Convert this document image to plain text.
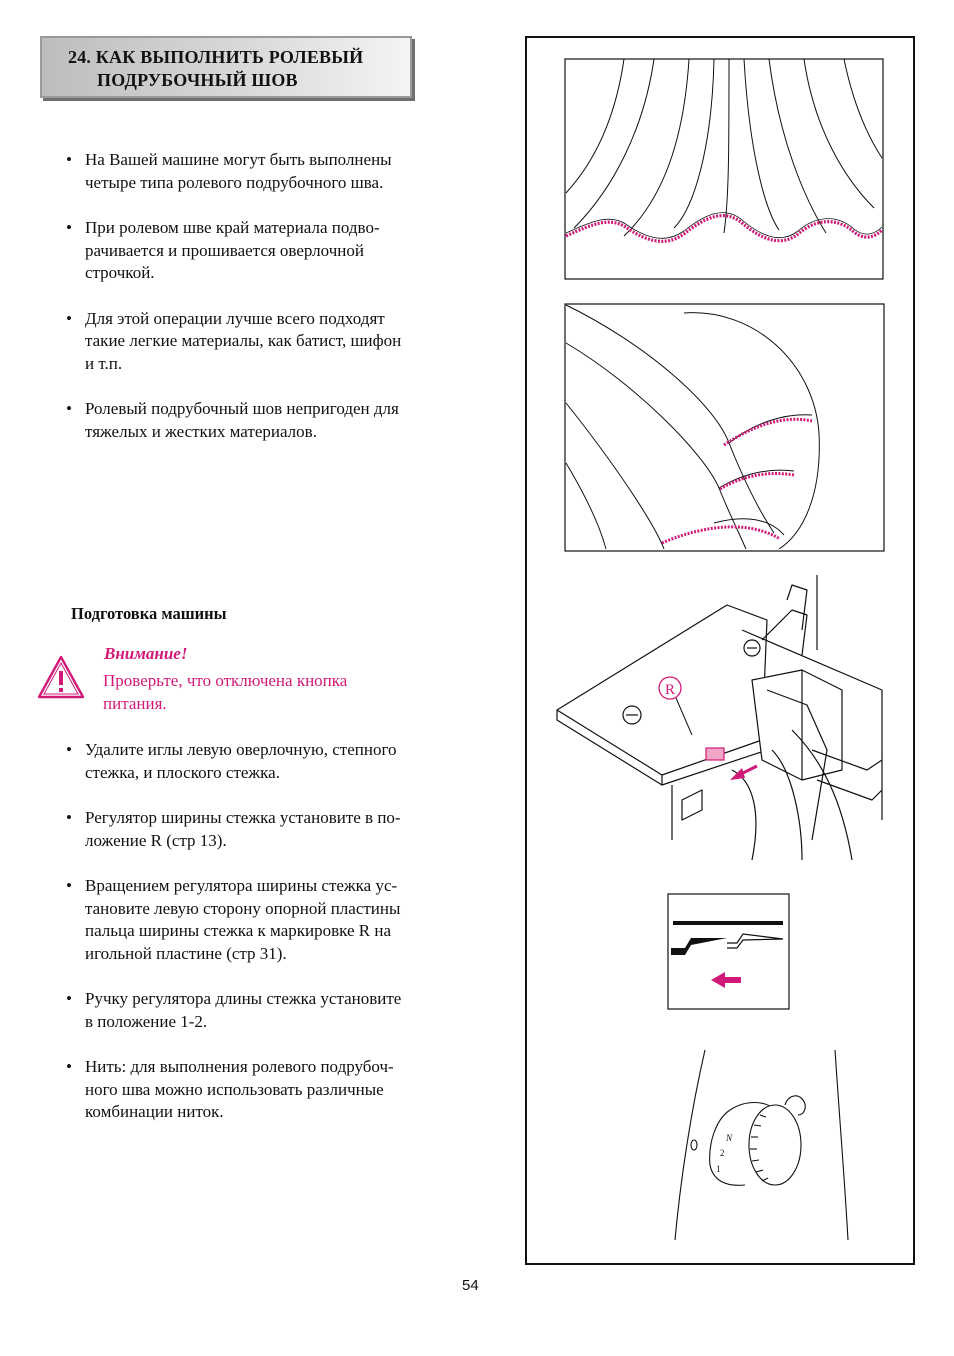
24. КАК ВЫПОЛНИТЬ РОЛЕВЫЙ
ПОДРУБОЧНЫЙ ШОВ
• На Вашей машине могут быть выполнены
четыре типа ролевого подрубочного шва.
• При ролевом шве край материала подво-
рачивается и прошивается оверлочной
строчкой.
• Для этой операции лучше всего подходят
такие легкие материалы, как батист, шифон
и т.п.
• Ролевый подрубочный шов непригоден для
тяжелых и жестких материалов.
Подготовка машины
Внимание!
Проверьте, что отключена кнопка
питания.
• Удалите иглы левую оверлочную, степного
стежка, и плоского стежка.
• Регулятор ширины стежка установите в по-
ложение R (стр 13).
• Вращением регулятора ширины стежка ус-
тановите левую сторону опорной пластины
пальца ширины стежка к маркировке R на
игольной пластине (стр 31).
• Ручку регулятора длины стежка установите
в положение 1-2.
• Нить: для выполнения ролевого подрубоч-
ного шва можно использовать различные
комбинации ниток.
R
N
2
1
54
